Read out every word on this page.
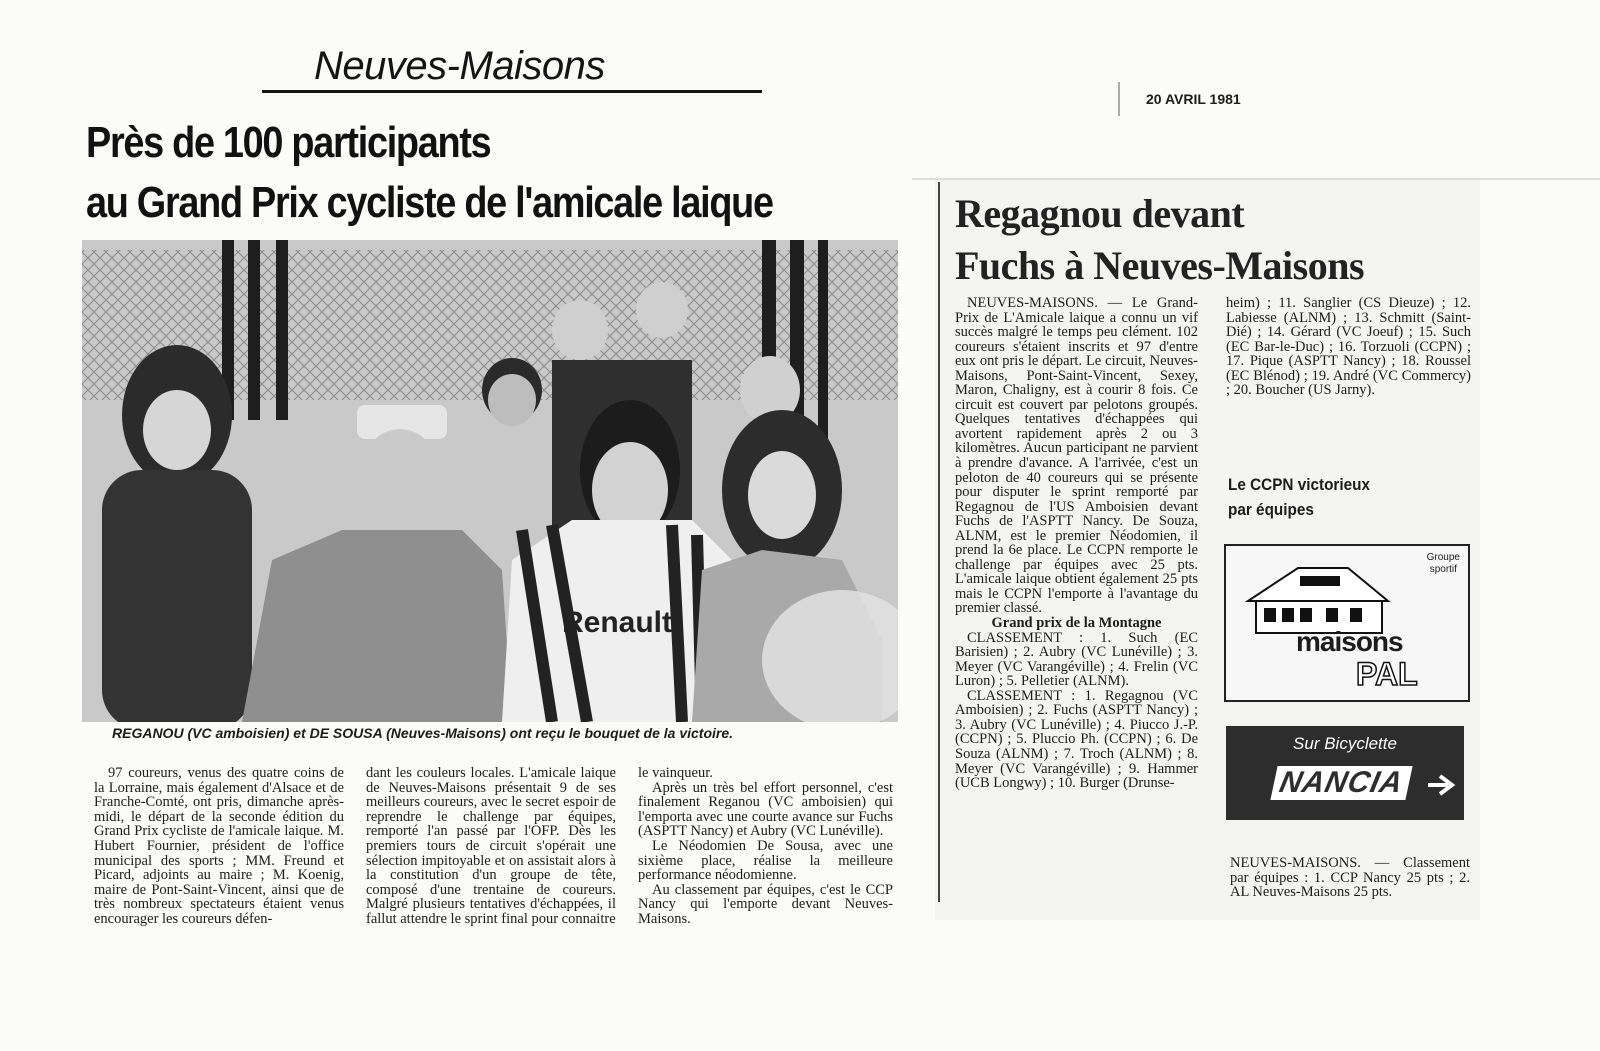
Neuves-Maisons
Près de 100 participants
au Grand Prix cycliste de l'amicale laique
Renault
REGANOU (VC amboisien) et DE SOUSA (Neuves-Maisons) ont reçu le bouquet de la victoire.

97 coureurs, venus des quatre coins de la Lorraine, mais également d'Alsace et de Franche-Comté, ont pris, dimanche après-midi, le départ de la seconde édition du Grand Prix cycliste de l'amicale laique. M. Hubert Fournier, président de l'office municipal des sports ; MM. Freund et Picard, adjoints au maire ; M. Koenig, maire de Pont-Saint-Vincent, ainsi que de très nombreux spectateurs étaient venus encourager les coureurs défen-

dant les couleurs locales. L'amicale laique de Neuves-Maisons présentait 9 de ses meilleurs coureurs, avec le secret espoir de reprendre le challenge par équipes, remporté l'an passé par l'OFP. Dès les premiers tours de circuit s'opérait une sélection impitoyable et on assistait alors à la constitution d'un groupe de tête, composé d'une trentaine de coureurs. Malgré plusieurs tentatives d'échappées, il fallut attendre le sprint final pour connaitre

le vainqueur.

Après un très bel effort personnel, c'est finalement Reganou (VC amboisien) qui l'emporta avec une courte avance sur Fuchs (ASPTT Nancy) et Aubry (VC Lunéville).

Le Néodomien De Sousa, avec une sixième place, réalise la meilleure performance néodomienne.

Au classement par équipes, c'est le CCP Nancy qui l'emporte devant Neuves-Maisons.

20 AVRIL 1981
Regagnou devant
Fuchs à Neuves-Maisons

NEUVES-MAISONS. — Le Grand-Prix de L'Amicale laique a connu un vif succès malgré le temps peu clément. 102 coureurs s'étaient inscrits et 97 d'entre eux ont pris le départ. Le circuit, Neuves-Maisons, Pont-Saint-Vincent, Sexey, Maron, Chaligny, est à courir 8 fois. Ce circuit est couvert par pelotons groupés. Quelques tentatives d'échappées qui avortent rapidement après 2 ou 3 kilomètres. Aucun participant ne parvient à prendre d'avance. A l'arrivée, c'est un peloton de 40 coureurs qui se présente pour disputer le sprint remporté par Regagnou de l'US Amboisien devant Fuchs de l'ASPTT Nancy. De Souza, ALNM, est le premier Néodomien, il prend la 6e place. Le CCPN remporte le challenge par équipes avec 25 pts. L'amicale laique obtient également 25 pts mais le CCPN l'emporte à l'avantage du premier classé.

Grand prix de la Montagne

CLASSEMENT : 1. Such (EC Barisien) ; 2. Aubry (VC Lunéville) ; 3. Meyer (VC Varangéville) ; 4. Frelin (VC Luron) ; 5. Pelletier (ALNM).

CLASSEMENT : 1. Regagnou (VC Amboisien) ; 2. Fuchs (ASPTT Nancy) ; 3. Aubry (VC Lunéville) ; 4. Piucco J.-P. (CCPN) ; 5. Pluccio Ph. (CCPN) ; 6. De Souza (ALNM) ; 7. Troch (ALNM) ; 8. Meyer (VC Varangéville) ; 9. Hammer (UCB Longwy) ; 10. Burger (Drunse-

heim) ; 11. Sanglier (CS Dieuze) ; 12. Labiesse (ALNM) ; 13. Schmitt (Saint-Dié) ; 14. Gérard (VC Joeuf) ; 15. Such (EC Bar-le-Duc) ; 16. Torzuoli (CCPN) ; 17. Pique (ASPTT Nancy) ; 18. Roussel (EC Blénod) ; 19. André (VC Commercy) ; 20. Boucher (US Jarny).
Le CCPN victorieux
par équipes
Groupe
sportif
maisons
PAL
Sur Bicyclette
NANCIA
NEUVES-MAISONS. — Classement par équipes : 1. CCP Nancy 25 pts ; 2. AL Neuves-Maisons 25 pts.
